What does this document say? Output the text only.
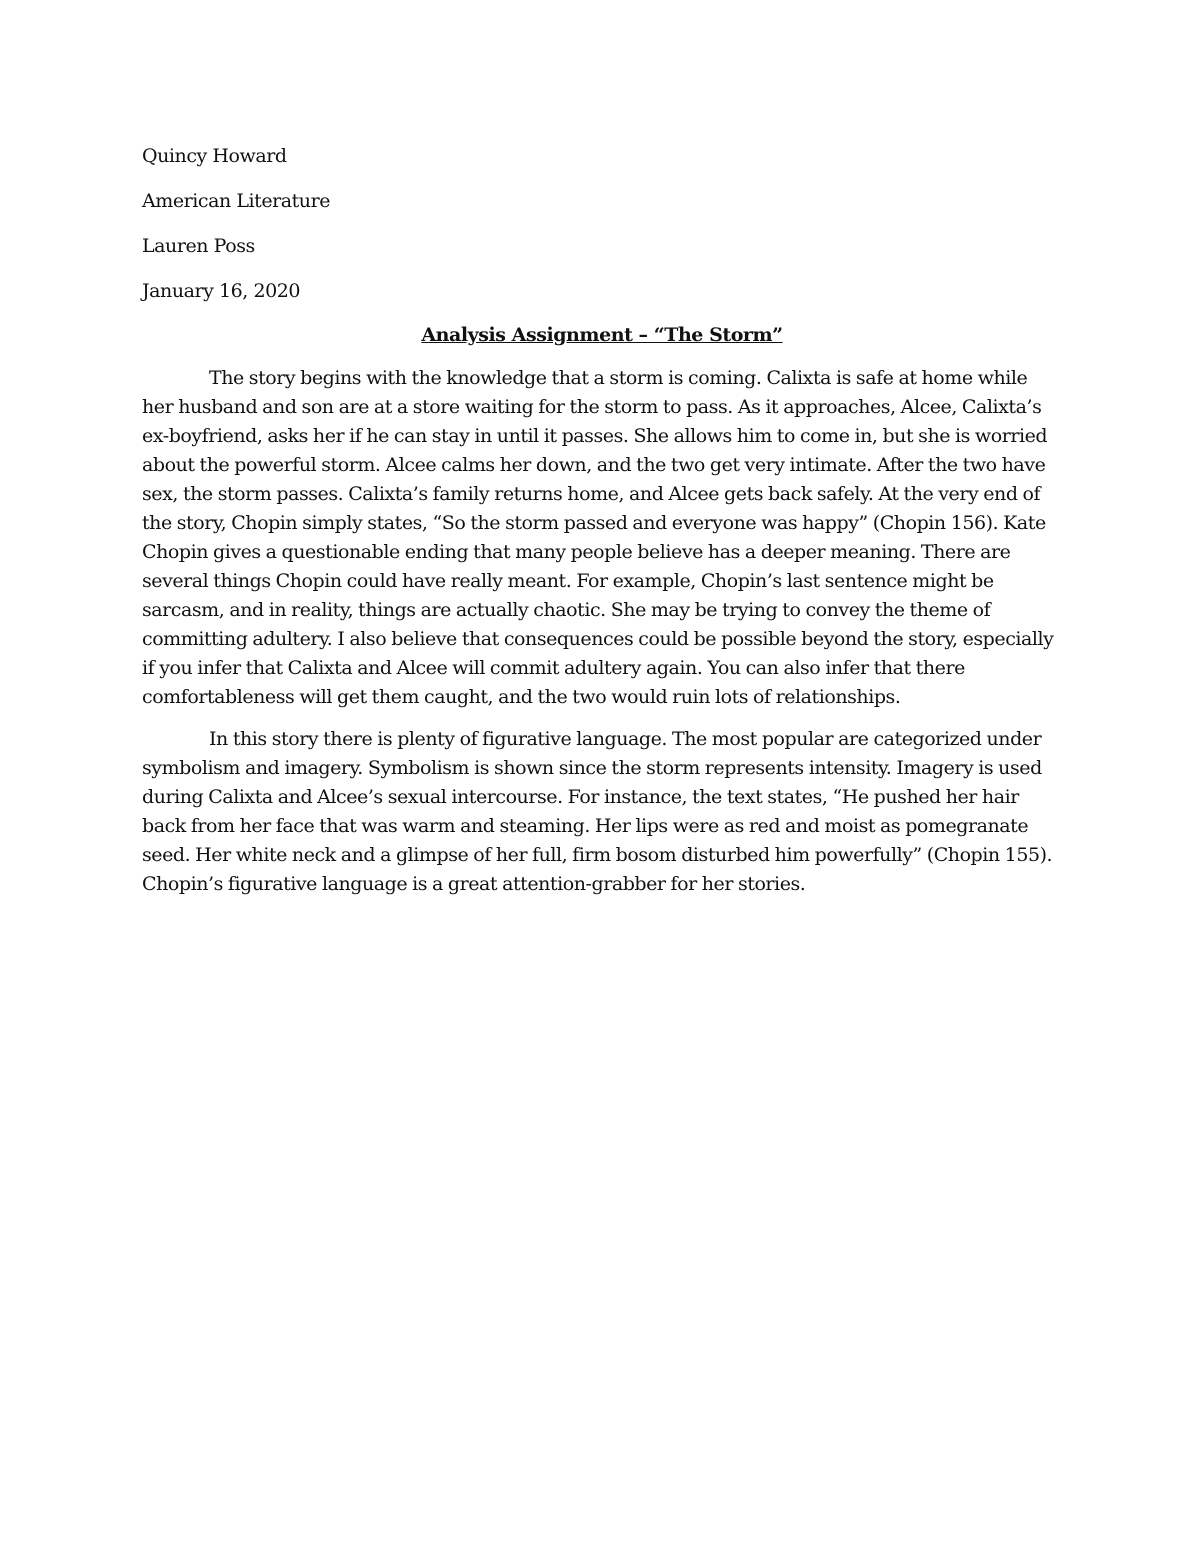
Quincy Howard
American Literature
Lauren Poss
January 16, 2020
Analysis Assignment – “The Storm”

The story begins with the knowledge that a storm is coming. Calixta is safe at home while her husband and son are at a store waiting for the storm to pass. As it approaches, Alcee, Calixta’s ex-boyfriend, asks her if he can stay in until it passes. She allows him to come in, but she is worried about the powerful storm. Alcee calms her down, and the two get very intimate. After the two have sex, the storm passes. Calixta’s family returns home, and Alcee gets back safely. At the very end of the story, Chopin simply states, “So the storm passed and everyone was happy” (Chopin 156). Kate Chopin gives a questionable ending that many people believe has a deeper meaning. There are several things Chopin could have really meant. For example, Chopin’s last sentence might be sarcasm, and in reality, things are actually chaotic. She may be trying to convey the theme of committing adultery. I also believe that consequences could be possible beyond the story, especially if you infer that Calixta and Alcee will commit adultery again. You can also infer that there comfortableness will get them caught, and the two would ruin lots of relationships.

In this story there is plenty of figurative language. The most popular are categorized under symbolism and imagery. Symbolism is shown since the storm represents intensity. Imagery is used during Calixta and Alcee’s sexual intercourse. For instance, the text states, “He pushed her hair back from her face that was warm and steaming. Her lips were as red and moist as pomegranate seed. Her white neck and a glimpse of her full, firm bosom disturbed him powerfully” (Chopin 155). Chopin’s figurative language is a great attention-grabber for her stories.
